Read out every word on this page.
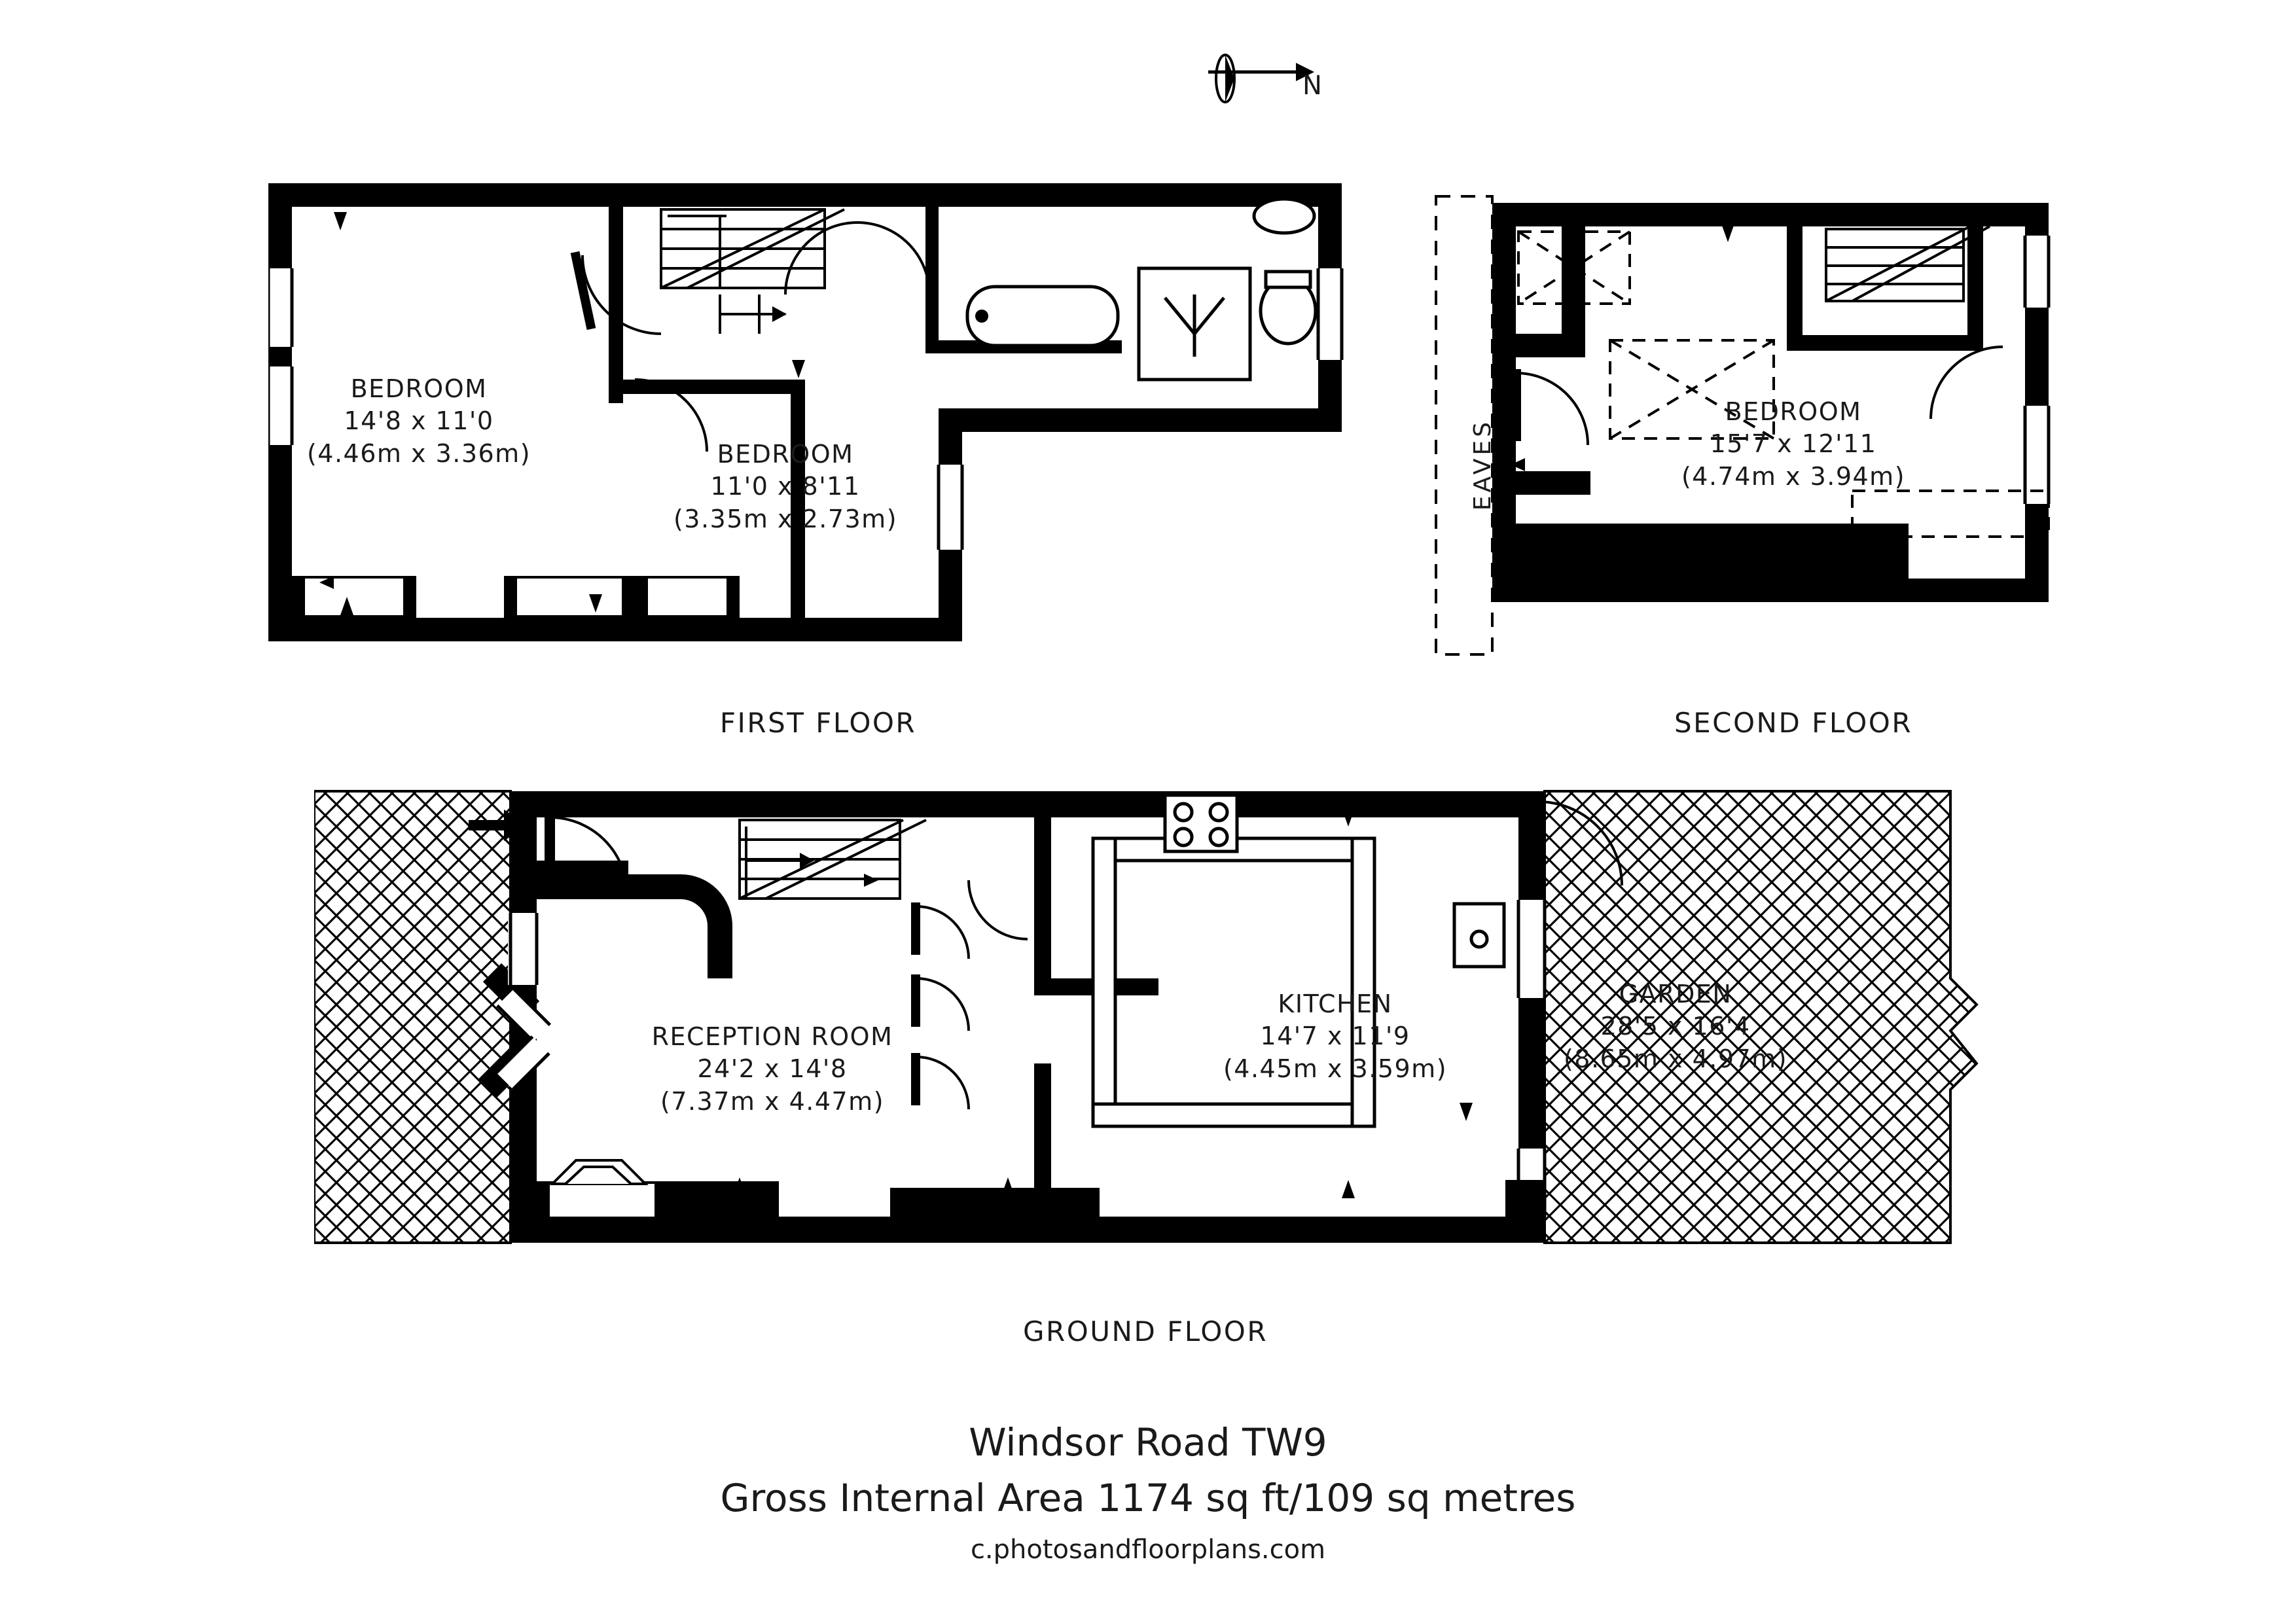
N
BEDROOM
14'8 x 11'0
(4.46m x 3.36m)	BEDROOM
11'0 x 8'11
(3.35m x 2.73m)
FIRST FLOOR
EAVES
BEDROOM
15'7 x 12'11
(4.74m x 3.94m)
SECOND FLOOR
RECEPTION ROOM
24'2 x 14'8
(7.37m x 4.47m)
KITCHEN
14'7 x 11'9
(4.45m x 3.59m)
GARDEN
28'5 x 16'4
(8.65m x 4.97m)
GROUND FLOOR
Windsor Road TW9
Gross Internal Area 1174 sq ft/109 sq metres
c.photosandfloorplans.com
